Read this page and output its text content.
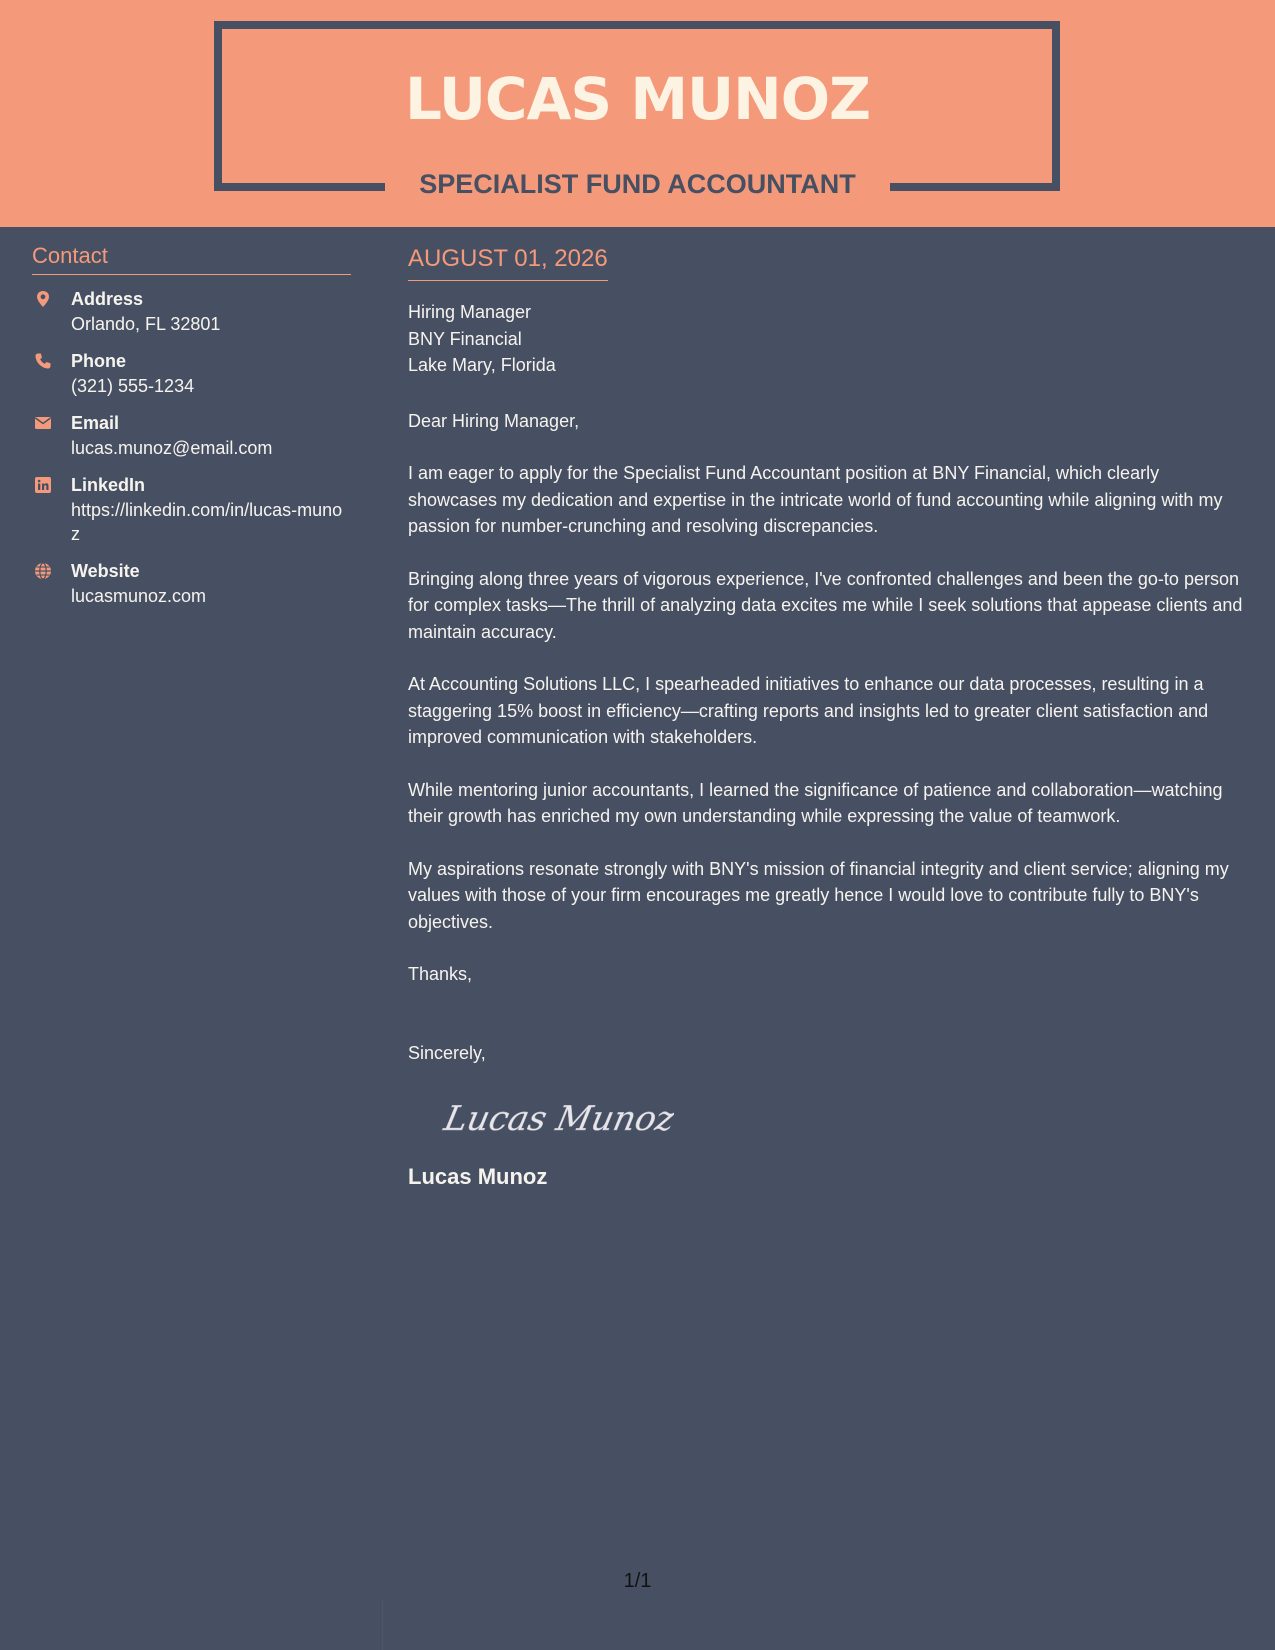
LUCAS MUNOZ
SPECIALIST FUND ACCOUNTANT
Contact
Address
Orlando, FL 32801
Phone
(321) 555-1234
Email
lucas.munoz@email.com
LinkedIn
https://linkedin.com/in/lucas-munoz
Website
lucasmunoz.com
AUGUST 01, 2026
Hiring Manager
BNY Financial
Lake Mary, Florida
Dear Hiring Manager,

I am eager to apply for the Specialist Fund Accountant position at BNY Financial, which clearly showcases my dedication and expertise in the intricate world of fund accounting while aligning with my passion for number-crunching and resolving discrepancies.

Bringing along three years of vigorous experience, I've confronted challenges and been the go-to person for complex tasks—The thrill of analyzing data excites me while I seek solutions that appease clients and maintain accuracy.

At Accounting Solutions LLC, I spearheaded initiatives to enhance our data processes, resulting in a staggering 15% boost in efficiency—crafting reports and insights led to greater client satisfaction and improved communication with stakeholders.

While mentoring junior accountants, I learned the significance of patience and collaboration—watching their growth has enriched my own understanding while expressing the value of teamwork.

My aspirations resonate strongly with BNY's mission of financial integrity and client service; aligning my values with those of your firm encourages me greatly hence I would love to contribute fully to BNY's objectives.

Thanks,
Sincerely,
Lucas Munoz
Lucas Munoz
1/1
